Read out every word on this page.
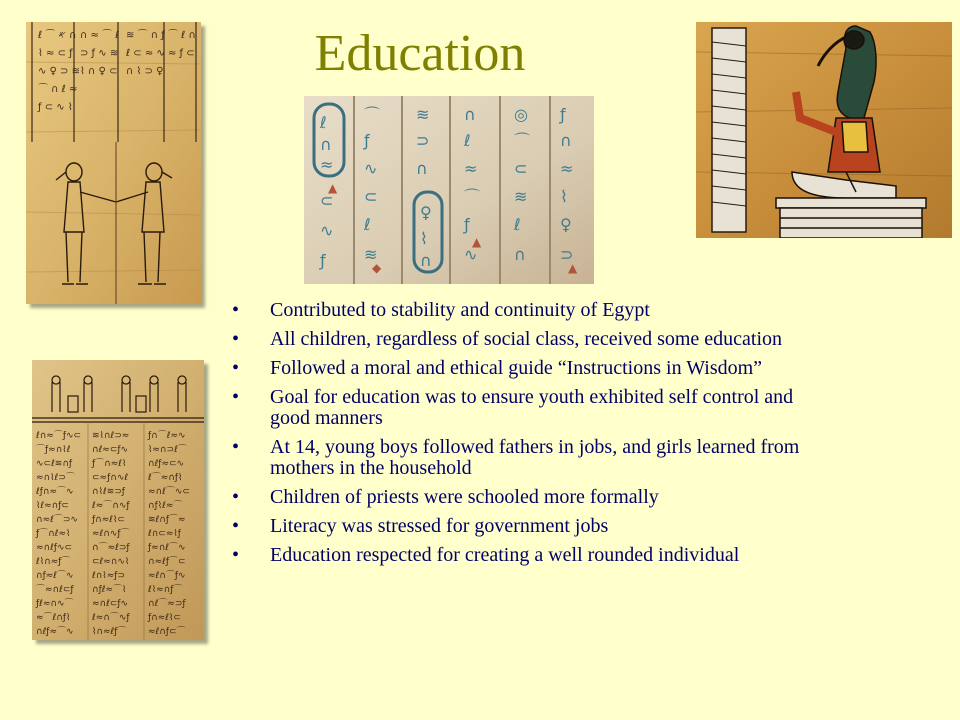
Education
ℓ ⌒ 𐤀 ∩
⌇ ≈ ⊂ ƒ
∿ ♀ ⊃ ≋
⌒ ∩ ℓ ≈
ƒ ⊂ ∿ ⌇
∩ ≈ ⌒ ℓ
⊃ ƒ ∿ ≋
⌇ ∩ ♀ ⊂
≋ ⌒ ∩ ƒ
ℓ ⊂ ≈ ∿
∩ ⌇ ⊃ ♀
⌒ ℓ ∩
≈ ƒ ⊂
ℓ
∩
≈
⌒
ƒ
∿
⊂
ℓ
≋
≋
⊃
∩
♀
⌇
∩
∩
ℓ
≈
⌒
ƒ
∿
◎
⌒
⊂
≋
ℓ
∩
ƒ
∩
≈
⌇
♀
⊃
⊂
∿
ƒ
▲
▲
▲
◆
ℓ∩≈⌒ƒ∿⊂ ≋⌇∩ℓ⊃≈ ƒ∩⌒ℓ≈∿
⌒ƒ≈∩⌇ℓ ∩ℓ≈⊂ƒ∿ ⌇≈∩⊃ℓ⌒
∿⊂ℓ≋∩ƒ ƒ⌒∩≈ℓ⌇ ∩ℓƒ≈⊂∿
≈∩⌇ℓ⊃⌒ ⊂≈ƒ∩∿ℓ ℓ⌒≈∩ƒ⌇
ℓƒ∩≈⌒∿ ∩⌇ℓ≋⊃ƒ	≈∩ℓ⌒∿⊂
⌇ℓ≈∩ƒ⊂	ℓ≈⌒∩∿ƒ ∩ƒ⌇ℓ≈⌒
∩≈ℓ⌒⊃∿ ƒ∩≈ℓ⌇⊂	≋ℓ∩ƒ⌒≈
ƒ⌒∩ℓ≈⌇ ≈ℓ∩∿ƒ⌒ ℓ∩⊂≈⌇ƒ
≈∩ℓƒ∿⊂ ∩⌒≈ℓ⊃ƒ ƒ≈∩ℓ⌒∿
ℓ⌇∩≈ƒ⌒ ⊂ℓ≈∩∿⌇ ∩≈ℓƒ⌒⊂
∩ƒ≈ℓ⌒∿ ℓ∩⌇≈ƒ⊃	≈ℓ∩⌒ƒ∿
⌒≈∩ℓ⊂ƒ ∩ƒℓ≈⌒⌇ ℓ⌇≈∩ƒ⌒
ƒℓ≈∩∿⌒ ≈∩ℓ⊂ƒ∿ ∩ℓ⌒≈⊃ƒ
≈⌒ℓ∩ƒ⌇ ℓ≈∩⌒∿ƒ ƒ∩≈ℓ⌇⊂
∩ℓƒ≈⌒∿ ⌇∩≈ℓƒ⌒ ≈ℓ∩ƒ⊂⌒
• Contributed to stability and continuity of Egypt
• All children, regardless of social class, received some education
• Followed a moral and ethical guide “Instructions in Wisdom”
• Goal for education was to ensure youth exhibited self control and good manners
• At 14, young boys followed fathers in jobs, and girls learned from mothers in the household
• Children of priests were schooled more formally
• Literacy was stressed for government jobs
• Education respected for creating a well rounded individual
